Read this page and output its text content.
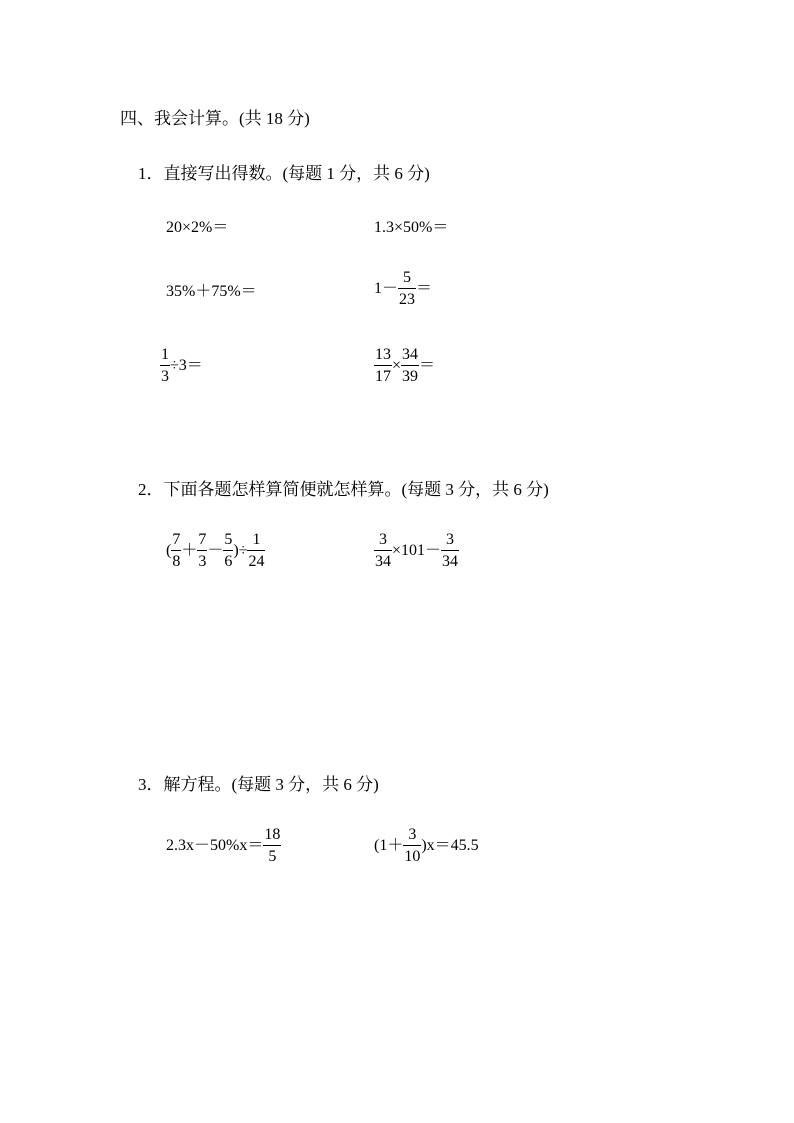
四、我会计算。(共 18 分)
1．直接写出得数。(每题 1 分，共 6 分)
20×2%＝	1.3×50%＝
35%＋75%＝	$1- \frac{5}{23}$ ＝
$\frac{1}{3} \div 3=$	$\frac{13}{17} \times \frac{34}{39}$ ＝
2．下面各题怎样算简便就怎样算。(每题 3 分，共 6 分)
( $\frac{7}{8} + \frac{7}{3} - \frac{5}{6}$ )÷ $\frac{1}{24}$	$\frac{3}{34} \times 101- \frac{3}{34}$
3．解方程。(每题 3 分，共 6 分)
$2.3x-50\%x= \frac{18}{5}$	$(1+ \frac{3}{10} )x=45.5$
